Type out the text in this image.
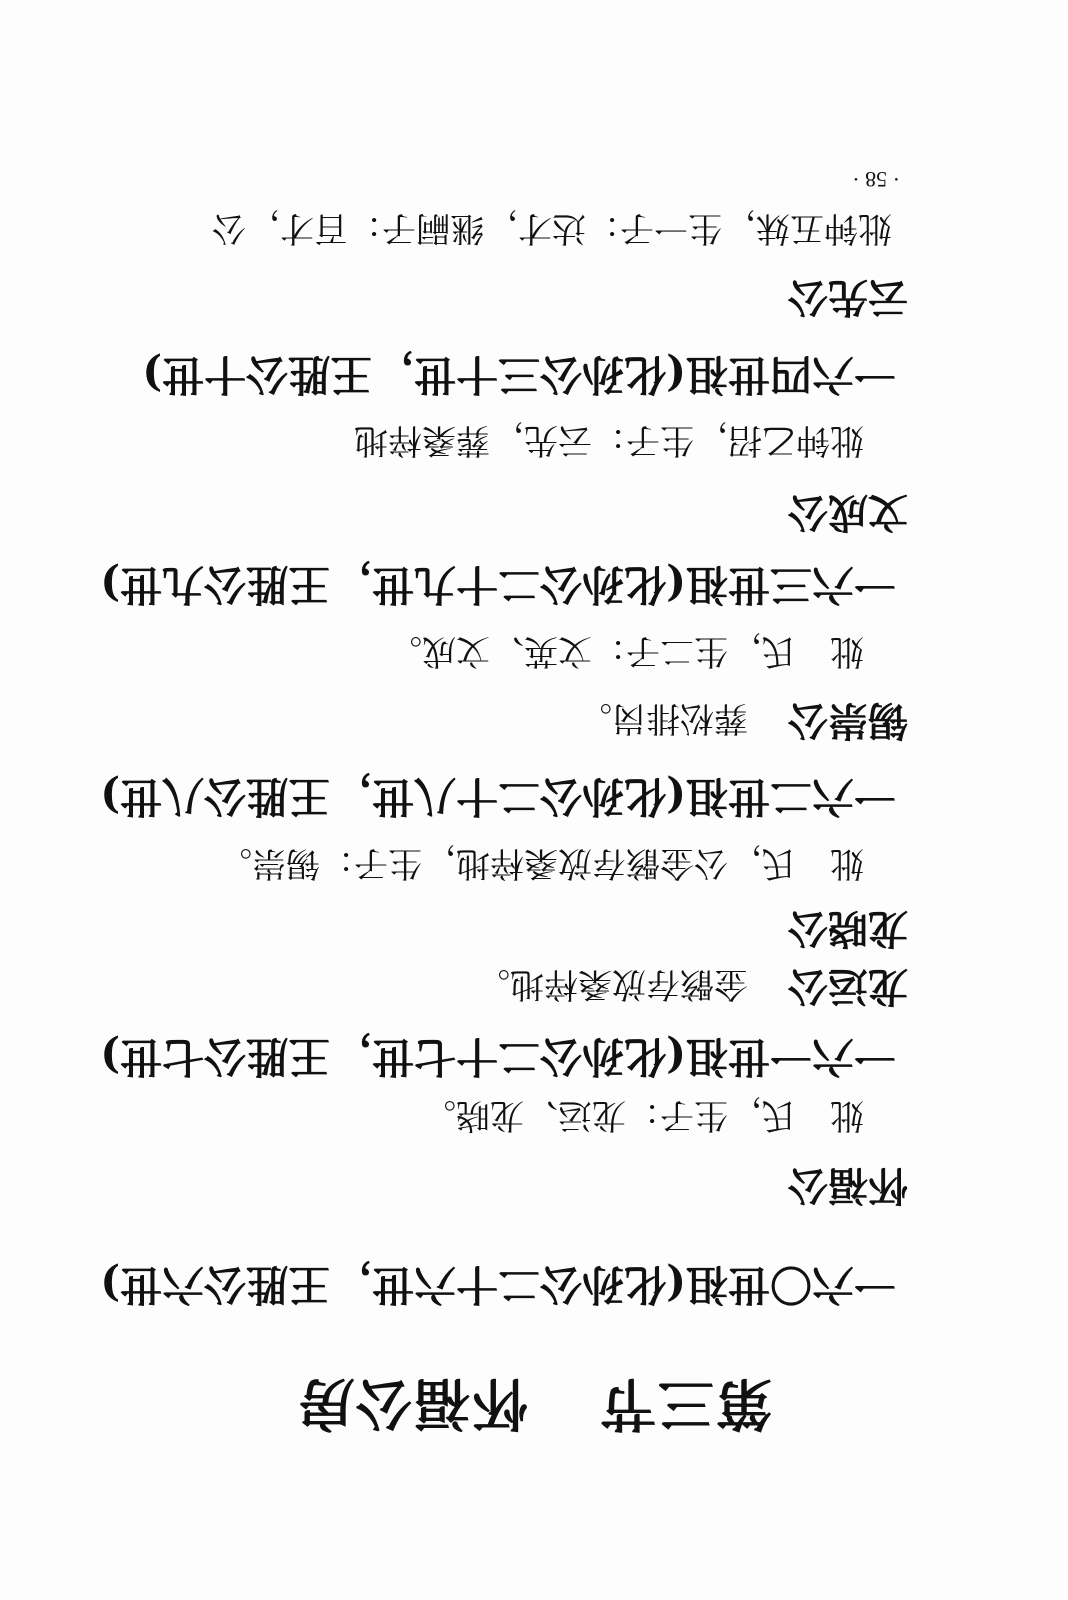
第三节怀福公房
一六〇世祖(化孙公二十六世，王胜公六世)
怀福公
妣　氏，生子：龙运、龙晓。
一六一世祖(化孙公二十七世，王胜公七世)
龙运公金骸存放桑梓地。
龙晓公
妣　氏，公金骸存放桑梓地，生子：锡崇。
一六二世祖(化孙公二十八世，王胜公八世)
锡崇公葬松排岗。
妣　氏，生二子：文英、文成。
一六三世祖(化孙公二十九世，王胜公九世)
文成公
妣钟乙招，生子：云先，葬桑梓地
一六四世祖(化孙公三十世，王胜公十世)
云先公
妣钟五妹，生一子：达才，继嗣子：百才，公
· 58 ·
